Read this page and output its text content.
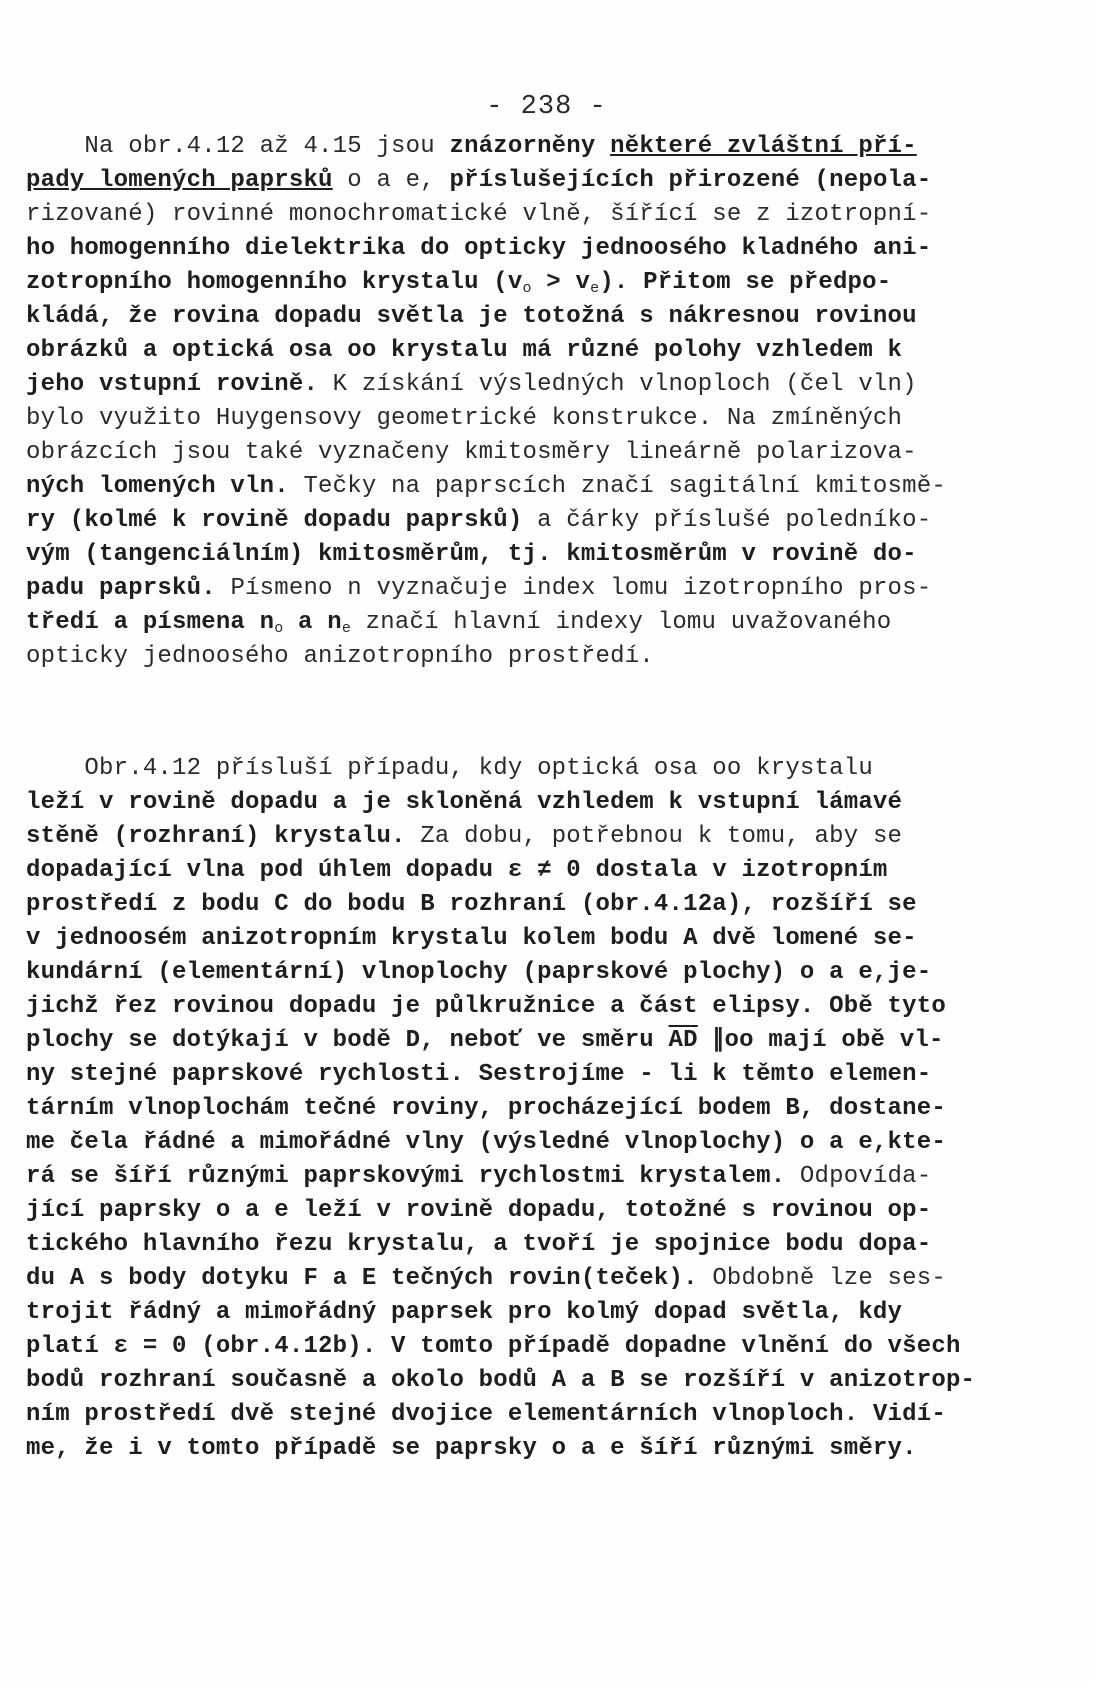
- 238 -
Na obr.4.12 až 4.15 jsou znázorněny některé zvláštní pří-
pady lomených paprsků o a e, příslušejících přirozené (nepola-
rizované) rovinné monochromatické vlně, šířící se z izotropní-
ho homogenního dielektrika do opticky jednoosého kladného ani-
zotropního homogenního krystalu $(v_o > v_e)$. Přitom se předpo-
kládá, že rovina dopadu světla je totožná s nákresnou rovinou
obrázků a optická osa oo krystalu má různé polohy vzhledem k
jeho vstupní rovině. K získání výsledných vlnoploch (čel vln)
bylo využito Huygensovy geometrické konstrukce. Na zmíněných
obrázcích jsou také vyznačeny kmitosměry lineárně polarizova-
ných lomených vln. Tečky na paprscích značí sagitální kmitosmě-
ry (kolmé k rovině dopadu paprsků) a čárky příslušé poledníko-
vým (tangenciálním) kmitosměrům, tj. kmitosměrům v rovině do-
padu paprsků. Písmeno n vyznačuje index lomu izotropního pros-
tředí a písmena $n_o$ a $n_e$ značí hlavní indexy lomu uvažovaného
opticky jednoosého anizotropního prostředí.
Obr.4.12 přísluší případu, kdy optická osa oo krystalu
leží v rovině dopadu a je skloněná vzhledem k vstupní lámavé
stěně (rozhraní) krystalu. Za dobu, potřebnou k tomu, aby se
dopadající vlna pod úhlem dopadu ε ≠ 0 dostala v izotropním
prostředí z bodu C do bodu B rozhraní (obr.4.12a), rozšíří se
v jednoosém anizotropním krystalu kolem bodu A dvě lomené se-
kundární (elementární) vlnoplochy (paprskové plochy) o a e,je-
jichž řez rovinou dopadu je půlkružnice a část elipsy. Obě tyto
plochy se dotýkají v bodě D, neboť ve směru $\overline{AD}$ ∥oo mají obě vl-
ny stejné paprskové rychlosti. Sestrojíme - li k těmto elemen-
tárním vlnoplochám tečné roviny, procházející bodem B, dostane-
me čela řádné a mimořádné vlny (výsledné vlnoplochy) o a e,kte-
rá se šíří různými paprskovými rychlostmi krystalem. Odpovída-
jící paprsky o a e leží v rovině dopadu, totožné s rovinou op-
tického hlavního řezu krystalu, a tvoří je spojnice bodu dopa-
du A s body dotyku F a E tečných rovin(teček). Obdobně lze ses-
trojit řádný a mimořádný paprsek pro kolmý dopad světla, kdy
platí ε = 0 (obr.4.12b). V tomto případě dopadne vlnění do všech
bodů rozhraní současně a okolo bodů A a B se rozšíří v anizotrop-
ním prostředí dvě stejné dvojice elementárních vlnoploch. Vidí-
me, že i v tomto případě se paprsky o a e šíří různými směry.
